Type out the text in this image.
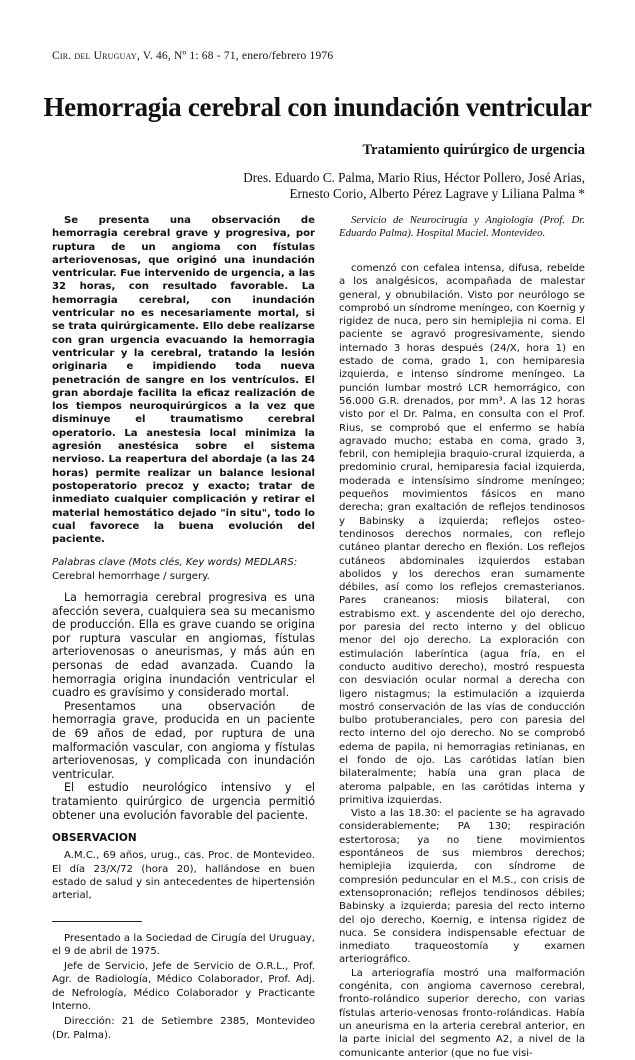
Cir. del Uruguay, V. 46, Nº 1: 68 - 71, enero/febrero 1976
Hemorragia cerebral con inundación ventricular
Tratamiento quirúrgico de urgencia
Dres. Eduardo C. Palma, Mario Rius, Héctor Pollero, José Arias,
Ernesto Corio, Alberto Pérez Lagrave y Liliana Palma *

Se presenta una observación de hemorragia cerebral grave y progresiva, por ruptura de un angioma con fístulas arteriovenosas, que originó una inundación ventricular. Fue intervenido de urgencia, a las 32 horas, con resultado favorable. La hemorragia cerebral, con inundación ventricular no es necesariamente mortal, si se trata quirúrgicamente. Ello debe realizarse con gran urgencia evacuando la hemorragia ventricular y la cerebral, tratando la lesión originaria e impidiendo toda nueva penetración de sangre en los ventrículos. El gran abordaje facilita la eficaz realización de los tiempos neuroquirúrgicos a la vez que disminuye el traumatismo cerebral operatorio. La anestesia local minimiza la agresión anestésica sobre el sistema nervioso. La reapertura del abordaje (a las 24 horas) permite realizar un balance lesional postoperatorio precoz y exacto; tratar de inmediato cualquier complicación y retirar el material hemostático dejado "in situ", todo lo cual favorece la buena evolución del paciente.

Palabras clave (Mots clés, Key words) MEDLARS:
Cerebral hemorrhage / surgery.

La hemorragia cerebral progresiva es una afección severa, cualquiera sea su mecanismo de producción. Ella es grave cuando se origina por ruptura vascular en angiomas, fístulas arteriovenosas o aneurismas, y más aún en personas de edad avanzada. Cuando la hemorragia origina inundación ventricular el cuadro es gravísimo y considerado mortal.

Presentamos una observación de hemorragia grave, producida en un paciente de 69 años de edad, por ruptura de una malformación vascular, con angioma y fístulas arteriovenosas, y complicada con inundación ventricular.

El estudio neurológico intensivo y el tratamiento quirúrgico de urgencia permitió obtener una evolución favorable del paciente.

OBSERVACION

A.M.C., 69 años, urug., cas. Proc. de Montevideo. El día 23/X/72 (hora 20), hallándose en buen estado de salud y sin antecedentes de hipertensión arterial,

Presentado a la Sociedad de Cirugía del Uruguay, el 9 de abril de 1975.

Jefe de Servicio, Jefe de Servicio de O.R.L., Prof. Agr. de Radiología, Médico Colaborador, Prof. Adj. de Nefrología, Médico Colaborador y Practicante Interno.

Dirección: 21 de Setiembre 2385, Montevideo (Dr. Palma).

Servicio de Neurocirugía y Angiología (Prof. Dr. Eduardo Palma). Hospital Maciel. Montevideo.

comenzó con cefalea intensa, difusa, rebelde a los analgésicos, acompañada de malestar general, y obnubilación. Visto por neurólogo se comprobó un síndrome meníngeo, con Koernig y rigidez de nuca, pero sin hemiplejia ni coma. El paciente se agravó progresivamente, siendo internado 3 horas después (24/X, hora 1) en estado de coma, grado 1, con hemiparesia izquierda, e intenso síndrome meníngeo. La punción lumbar mostró LCR hemorrágico, con 56.000 G.R. drenados, por mm³. A las 12 horas visto por el Dr. Palma, en consulta con el Prof. Rius, se comprobó que el enfermo se había agravado mucho; estaba en coma, grado 3, febril, con hemiplejia braquio-crural izquierda, a predominio crural, hemiparesia facial izquierda, moderada e intensísimo síndrome meníngeo; pequeños movimientos fásicos en mano derecha; gran exaltación de reflejos tendinosos y Babinsky a izquierda; reflejos osteo-tendinosos derechos normales, con reflejo cutáneo plantar derecho en flexión. Los reflejos cutáneos abdominales izquierdos estaban abolidos y los derechos eran sumamente débiles, así como los reflejos cremasterianos. Pares craneanos: miosis bilateral, con estrabismo ext. y ascendente del ojo derecho, por paresia del recto interno y del oblicuo menor del ojo derecho. La exploración con estimulación laberíntica (agua fría, en el conducto auditivo derecho), mostró respuesta con desviación ocular normal a derecha con ligero nistagmus; la estimulación a izquierda mostró conservación de las vías de conducción bulbo protuberanciales, pero con paresia del recto interno del ojo derecho. No se comprobó edema de papila, ni hemorragias retinianas, en el fondo de ojo. Las carótidas latían bien bilateralmente; había una gran placa de ateroma palpable, en las carótidas interna y primitiva izquierdas.

Visto a las 18.30: el paciente se ha agravado considerablemente; PA 130; respiración estertorosa; ya no tiene movimientos espontáneos de sus miembros derechos; hemiplejia izquierda, con síndrome de compresión peduncular en el M.S., con crisis de extensopronación; reflejos tendinosos débiles; Babinsky a izquierda; paresia del recto interno del ojo derecho, Koernig, e intensa rigidez de nuca. Se considera indispensable efectuar de inmediato traqueostomía y examen arteriográfico.

La arteriografía mostró una malformación congénita, con angioma cavernoso cerebral, fronto-rolándico superior derecho, con varias fístulas arterio-venosas fronto-rolándicas. Había un aneurisma en la arteria cerebral anterior, en la parte inicial del segmento A2, a nivel de la comunicante anterior (que no fue visi-
